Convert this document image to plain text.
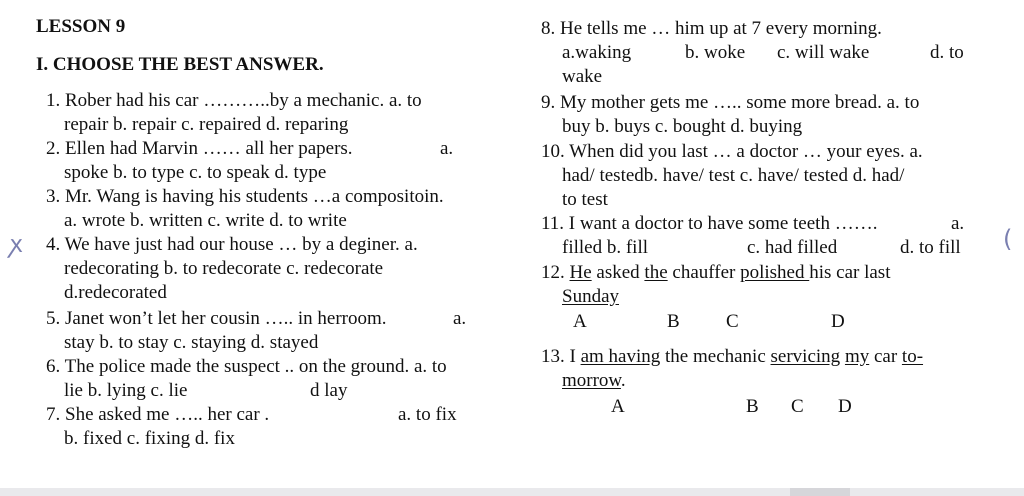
LESSON 9
I. CHOOSE THE BEST ANSWER.
1. Rober had his car ………..by a mechanic. a. to
repair b. repair c. repaired d. reparing
2. Ellen had Marvin …… all her papers.	a.
spoke b. to type c. to speak d. type
3. Mr. Wang is having his students …a compositoin.
a. wrote b. written c. write d. to write
ꭗ 4. We have just had our house … by a deginer. a.
redecorating b. to redecorate c. redecorate
d.redecorated
5. Janet won’t let her cousin ….. in herroom.	a.
stay b. to stay c. staying d. stayed
6. The police made the suspect .. on the ground. a. to
lie b. lying c. lie	d lay
7. She asked me ….. her car .	a. to fix
b. fixed c. fixing d. fix
8. He tells me … him up at 7 every morning.
a.waking	b. woke c. will wake	d. to
wake
9. My mother gets me ….. some more bread. a. to
buy b. buys c. bought d. buying
10. When did you last … a doctor … your eyes. a.
had/ testedb. have/ test c. have/ tested d. had/
to test
11. I want a doctor to have some teeth …….	a.
filled b. fill	c. had filled	d. to fill (
12. He asked the chauffer polished his car last
Sunday
A	B C	D
13. I am having the mechanic servicing my car to-
morrow.
A	B C D
